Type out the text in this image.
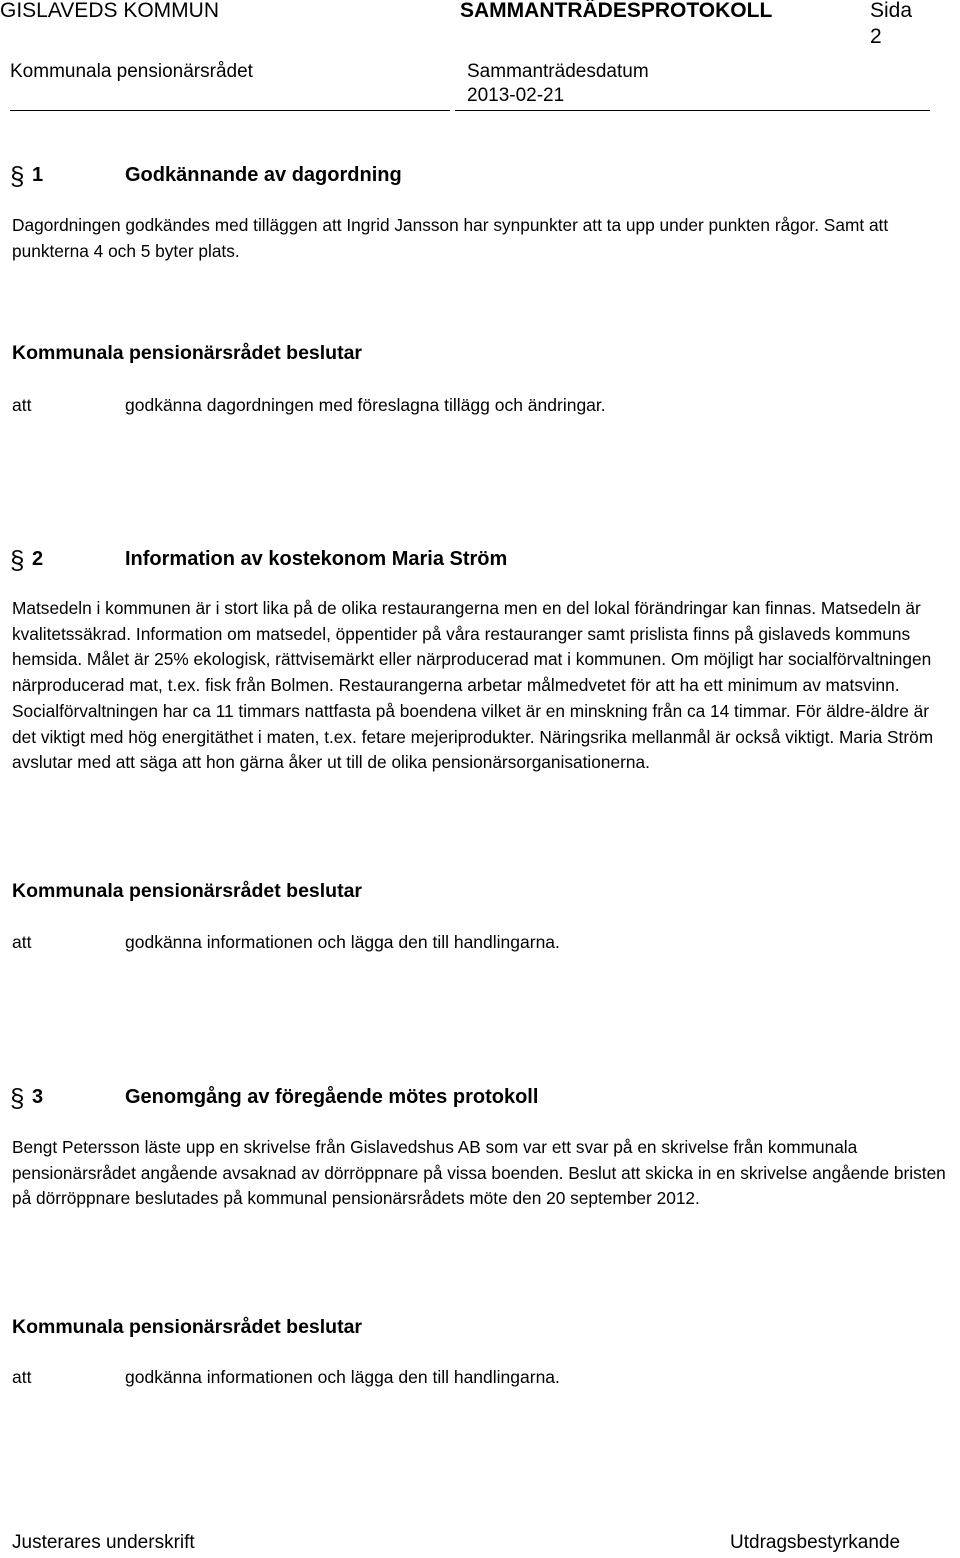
GISLAVEDS KOMMUN	SAMMANTRÄDESPROTOKOLL	Sida
2
Kommunala pensionärsrådet	Sammanträdesdatum
2013-02-21
§ 1	Godkännande av dagordning
Dagordningen godkändes med tilläggen att Ingrid Jansson har synpunkter att ta upp under punkten rågor. Samt att punkterna 4 och 5 byter plats.
Kommunala pensionärsrådet beslutar
att	godkänna dagordningen med föreslagna tillägg och ändringar.
§ 2	Information av kostekonom Maria Ström
Matsedeln i kommunen är i stort lika på de olika restaurangerna men en del lokal förändringar kan finnas. Matsedeln är kvalitetssäkrad. Information om matsedel, öppentider på våra restauranger samt prislista finns på gislaveds kommuns hemsida. Målet är 25% ekologisk, rättvisemärkt eller närproducerad mat i kommunen. Om möjligt har socialförvaltningen närproducerad mat, t.ex. fisk från Bolmen. Restaurangerna arbetar målmedvetet för att ha ett minimum av matsvinn. Socialförvaltningen har ca 11 timmars nattfasta på boendena vilket är en minskning från ca 14 timmar. För äldre-äldre är det viktigt med hög energitäthet i maten, t.ex. fetare mejeriprodukter. Näringsrika mellanmål är också viktigt. Maria Ström avslutar med att säga att hon gärna åker ut till de olika pensionärsorganisationerna.
Kommunala pensionärsrådet beslutar
att	godkänna informationen och lägga den till handlingarna.
§ 3	Genomgång av föregående mötes protokoll
Bengt Petersson läste upp en skrivelse från Gislavedshus AB som var ett svar på en skrivelse från kommunala pensionärsrådet angående avsaknad av dörröppnare på vissa boenden. Beslut att skicka in en skrivelse angående bristen på dörröppnare beslutades på kommunal pensionärsrådets möte den 20 september 2012.
Kommunala pensionärsrådet beslutar
att	godkänna informationen och lägga den till handlingarna.
Justerares underskrift	Utdragsbestyrkande
